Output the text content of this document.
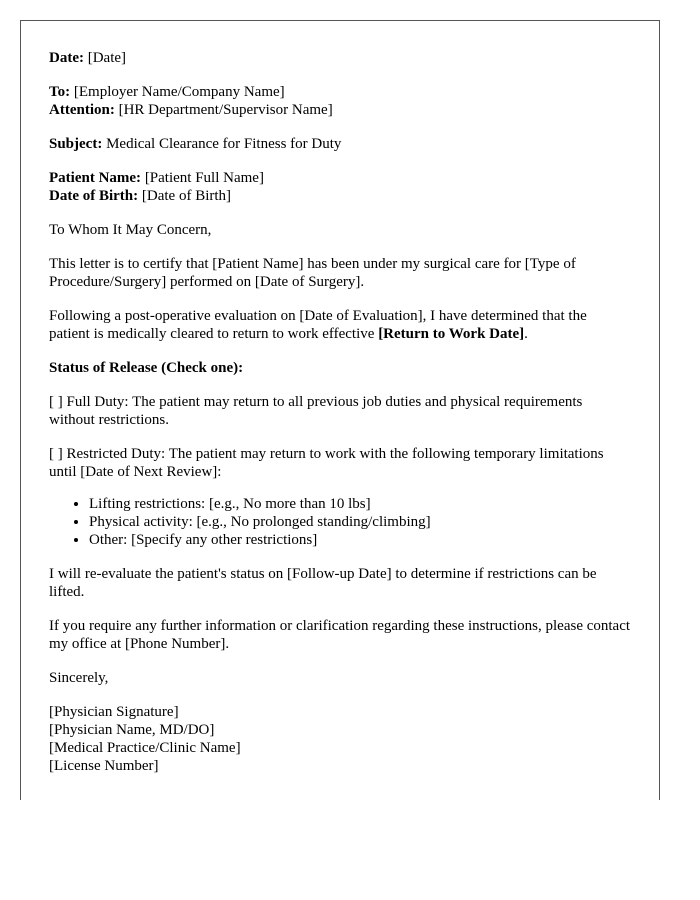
Date: [Date]

To: [Employer Name/Company Name]

Attention: [HR Department/Supervisor Name]

Subject: Medical Clearance for Fitness for Duty

Patient Name: [Patient Full Name]

Date of Birth: [Date of Birth]

To Whom It May Concern,

This letter is to certify that [Patient Name] has been under my surgical care for [Type of Procedure/Surgery] performed on [Date of Surgery].

Following a post-operative evaluation on [Date of Evaluation], I have determined that the patient is medically cleared to return to work effective [Return to Work Date].

Status of Release (Check one):

[ ] Full Duty: The patient may return to all previous job duties and physical requirements without restrictions.

[ ] Restricted Duty: The patient may return to work with the following temporary limitations until [Date of Next Review]:

• Lifting restrictions: [e.g., No more than 10 lbs]
• Physical activity: [e.g., No prolonged standing/climbing]
• Other: [Specify any other restrictions]

I will re-evaluate the patient's status on [Follow-up Date] to determine if restrictions can be lifted.

If you require any further information or clarification regarding these instructions, please contact my office at [Phone Number].

Sincerely,

[Physician Signature]

[Physician Name, MD/DO]

[Medical Practice/Clinic Name]

[License Number]
